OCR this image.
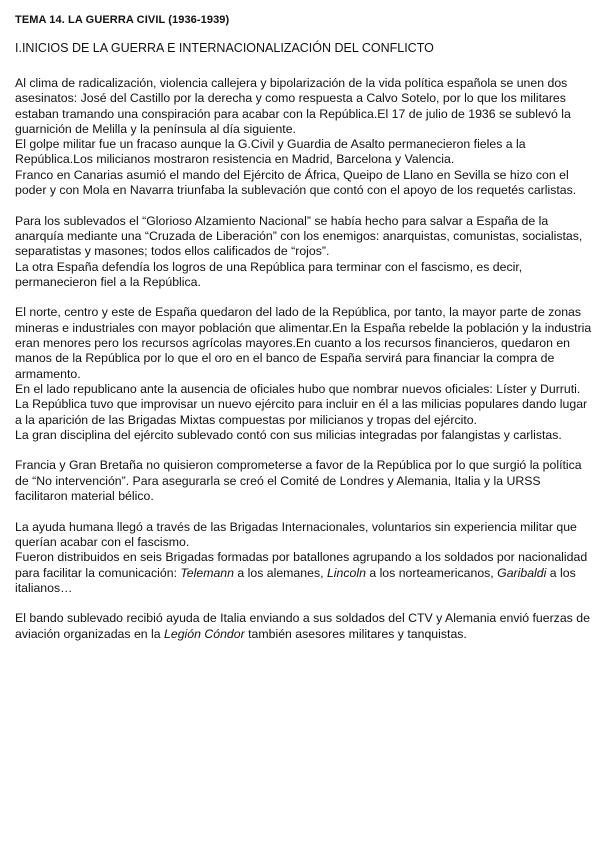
TEMA 14. LA GUERRA CIVIL (1936-1939)
I.INICIOS DE LA GUERRA E INTERNACIONALIZACIÓN DEL CONFLICTO

Al clima de radicalización, violencia callejera y bipolarización de la vida política española se unen dos asesinatos: José del Castillo por la derecha y como respuesta a Calvo Sotelo, por lo que los militares estaban tramando una conspiración para acabar con la República.El 17 de julio de 1936 se sublevó la guarnición de Melilla y la península al día siguiente.

El golpe militar fue un fracaso aunque la G.Civil y Guardia de Asalto permanecieron fieles a la República.Los milicianos mostraron resistencia en Madrid, Barcelona y Valencia.

Franco en Canarias asumió el mando del Ejército de África, Queipo de Llano en Sevilla se hizo con el poder y con Mola en Navarra triunfaba la sublevación que contó con el apoyo de los requetés carlistas.

Para los sublevados el “Glorioso Alzamiento Nacional” se había hecho para salvar a España de la anarquía mediante una “Cruzada de Liberación” con los enemigos: anarquistas, comunistas, socialistas, separatistas y masones; todos ellos calificados de “rojos”.

La otra España defendía los logros de una República para terminar con el fascismo, es decir, permanecieron fiel a la República.

El norte, centro y este de España quedaron del lado de la República, por tanto, la mayor parte de zonas mineras e industriales con mayor población que alimentar.En la España rebelde la población y la industria eran menores pero los recursos agrícolas mayores.En cuanto a los recursos financieros, quedaron en manos de la República por lo que el oro en el banco de España servirá para financiar la compra de armamento.

En el lado republicano ante la ausencia de oficiales hubo que nombrar nuevos oficiales: Líster y Durruti.

La República tuvo que improvisar un nuevo ejército para incluir en él a las milicias populares dando lugar a la aparición de las Brigadas Mixtas compuestas por milicianos y tropas del ejército.

La gran disciplina del ejército sublevado contó con sus milicias integradas por falangistas y carlistas.

Francia y Gran Bretaña no quisieron comprometerse a favor de la República por lo que surgió la política de “No intervención”. Para asegurarla se creó el Comité de Londres y Alemania, Italia y la URSS facilitaron material bélico.

La ayuda humana llegó a través de las Brigadas Internacionales, voluntarios sin experiencia militar que querían acabar con el fascismo.

Fueron distribuidos en seis Brigadas formadas por batallones agrupando a los soldados por nacionalidad para facilitar la comunicación: Telemann a los alemanes, Lincoln a los norteamericanos, Garibaldi a los italianos…

El bando sublevado recibió ayuda de Italia enviando a sus soldados del CTV y Alemania envió fuerzas de aviación organizadas en la Legión Cóndor también asesores militares y tanquistas.
